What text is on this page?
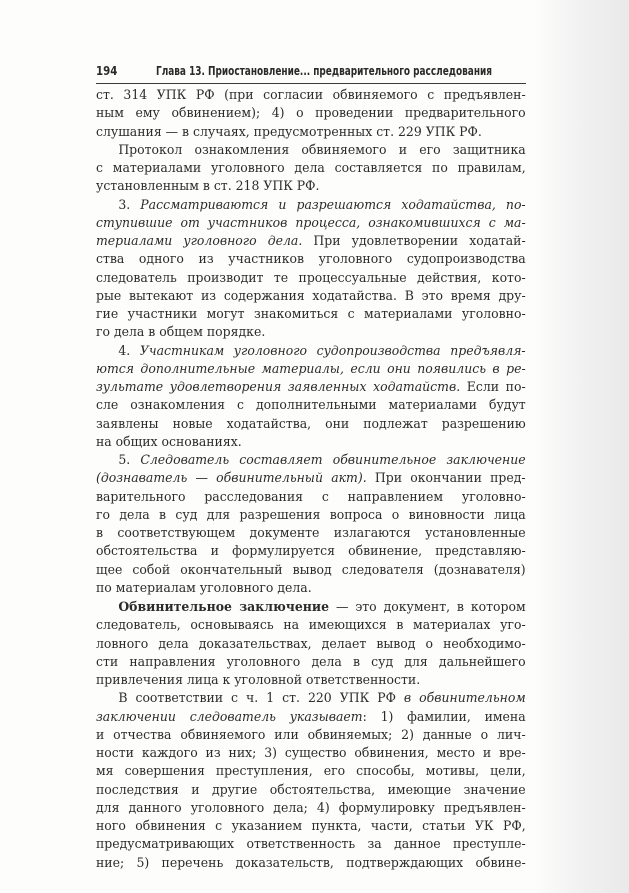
194	Глава 13. Приостановление... предварительного расследования

ст. 314 УПК РФ (при согласии обвиняемого с предъявлен-

ным ему обвинением); 4) о проведении предварительного

слушания — в случаях, предусмотренных ст. 229 УПК РФ.

Протокол ознакомления обвиняемого и его защитника

с материалами уголовного дела составляется по правилам,

установленным в ст. 218 УПК РФ.

3. Рассматриваются и разрешаются ходатайства, по-

ступившие от участников процесса, ознакомившихся с ма-

териалами уголовного дела. При удовлетворении ходатай-

ства одного из участников уголовного судопроизводства

следователь производит те процессуальные действия, кото-

рые вытекают из содержания ходатайства. В это время дру-

гие участники могут знакомиться с материалами уголовно-

го дела в общем порядке.

4. Участникам уголовного судопроизводства предъявля-

ются дополнительные материалы, если они появились в ре-

зультате удовлетворения заявленных ходатайств. Если по-

сле ознакомления с дополнительными материалами будут

заявлены новые ходатайства, они подлежат разрешению

на общих основаниях.

5. Следователь составляет обвинительное заключение

(дознаватель — обвинительный акт). При окончании пред-

варительного расследования с направлением уголовно-

го дела в суд для разрешения вопроса о виновности лица

в соответствующем документе излагаются установленные

обстоятельства и формулируется обвинение, представляю-

щее собой окончательный вывод следователя (дознавателя)

по материалам уголовного дела.

Обвинительное заключение — это документ, в котором

следователь, основываясь на имеющихся в материалах уго-

ловного дела доказательствах, делает вывод о необходимо-

сти направления уголовного дела в суд для дальнейшего

привлечения лица к уголовной ответственности.

В соответствии с ч. 1 ст. 220 УПК РФ в обвинительном

заключении следователь указывает: 1) фамилии, имена

и отчества обвиняемого или обвиняемых; 2) данные о лич-

ности каждого из них; 3) существо обвинения, место и вре-

мя совершения преступления, его способы, мотивы, цели,

последствия и другие обстоятельства, имеющие значение

для данного уголовного дела; 4) формулировку предъявлен-

ного обвинения с указанием пункта, части, статьи УК РФ,

предусматривающих ответственность за данное преступле-

ние; 5) перечень доказательств, подтверждающих обвине-
